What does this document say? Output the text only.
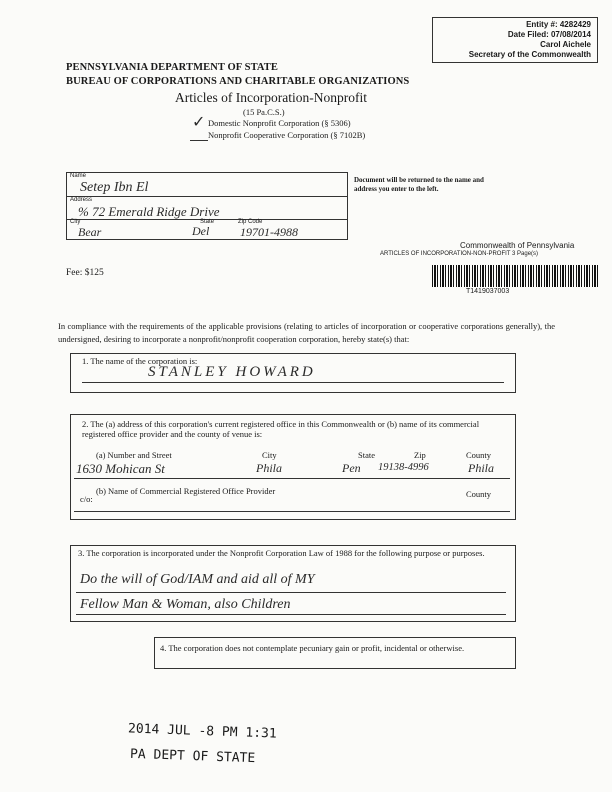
Entity #: 4282429
Date Filed: 07/08/2014
Carol Aichele
Secretary of the Commonwealth
PENNSYLVANIA DEPARTMENT OF STATE
BUREAU OF CORPORATIONS AND CHARITABLE ORGANIZATIONS
Articles of Incorporation-Nonprofit
(15 Pa.C.S.)
✓ Domestic Nonprofit Corporation (§ 5306)
Nonprofit Cooperative Corporation (§ 7102B)
Name
Setep Ibn El
Address
% 72 Emerald Ridge Drive
City	State	Zip Code
Bear	Del	19701-4988
Document will be returned to the name and address you enter to the left.
Commonwealth of Pennsylvania
ARTICLES OF INCORPORATION-NON-PROFIT 3 Page(s)
T1419037003
Fee: $125
In compliance with the requirements of the applicable provisions (relating to articles of incorporation or cooperative corporations generally), the undersigned, desiring to incorporate a nonprofit/nonprofit cooperation corporation, hereby state(s) that:
1. The name of the corporation is:
STANLEY HOWARD
2. The (a) address of this corporation's current registered office in this Commonwealth or (b) name of its commercial registered office provider and the county of venue is:
(a) Number and Street	City	State	Zip	County
1630 Mohican St	Phila	Pen 19138-4996	Phila
(b) Name of Commercial Registered Office Provider	County
c/o:
3. The corporation is incorporated under the Nonprofit Corporation Law of 1988 for the following purpose or purposes.
Do the will of God/IAM and aid all of MY
Fellow Man & Woman, also Children
4. The corporation does not contemplate pecuniary gain or profit, incidental or otherwise.
2014 JUL -8 PM 1:31
PA DEPT OF STATE
